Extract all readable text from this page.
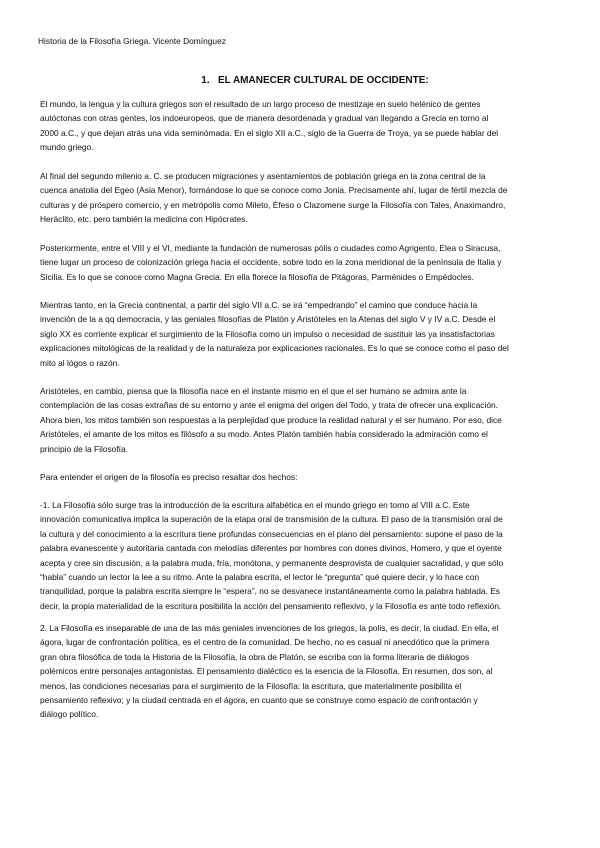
Historia de la Filosofía Griega. Vicente Domínguez
1.   EL AMANECER CULTURAL DE OCCIDENTE:
El mundo, la lengua y la cultura griegos son el resultado de un largo proceso de mestizaje en suelo helénico de gentes
autóctonas con otras gentes, los indoeuropeos, que de manera desordenada y gradual van llegando a Grecia en torno al
2000 a.C., y que dejan atrás una vida seminómada. En el siglo XII a.C., siglo de la Guerra de Troya, ya se puede hablar del
mundo griego.
Al final del segundo milenio a. C. se producen migraciones y asentamientos de población griega en la zona central de la
cuenca anatolia del Egeo (Asia Menor), formándose lo que se conoce como Jonia. Precisamente ahí, lugar de fértil mezcla de
culturas y de próspero comercio, y en metrópolis como Mileto, Éfeso o Clazomene surge la Filosofía con Tales, Anaximandro,
Heráclito, etc. pero también la medicina con Hipócrates.
Posteriormente, entre el VIII y el VI, mediante la fundación de numerosas pólis o ciudades como Agrigento, Elea o Siracusa,
tiene lugar un proceso de colonización griega hacia el occidente, sobre todo en la zona meridional de la península de Italia y
Sicilia. Es lo que se conoce como Magna Grecia. En ella florece la filosofía de Pitágoras, Parménides o Empédocles.
Mientras tanto, en la Grecia continental, a partir del siglo VII a.C. se irá “empedrando” el camino que conduce hacia la
invención de la a qq democracia, y las geniales filosofías de Platón y Aristóteles en la Atenas del siglo V y IV a.C. Desde el
siglo XX es corriente explicar el surgimiento de la Filosofía como un impulso o necesidad de sustituir las ya insatisfactorias
explicaciones mitológicas de la realidad y de la naturaleza por explicaciones racionales. Es lo que se conoce como el paso del
mito al lógos o razón.
Aristóteles, en cambio, piensa que la filosofía nace en el instante mismo en el que el ser humano se admira ante la
contemplación de las cosas extrañas de su entorno y ante el enigma del origen del Todo, y trata de ofrecer una explicación.
Ahora bien, los mitos también son respuestas a la perplejidad que produce la realidad natural y el ser humano. Por eso, dice
Aristóteles, el amante de los mitos es filósofo a su modo. Antes Platón también había considerado la admiración como el
principio de la Filosofía.
Para entender el origen de la filosofía es preciso resaltar dos hechos:
-1. La Filosofía sólo surge tras la introducción de la escritura alfabética en el mundo griego en torno al VIII a.C. Este
innovación comunicativa implica la superación de la etapa oral de transmisión de la cultura. El paso de la transmisión oral de
la cultura y del conocimiento a la escritura tiene profundas consecuencias en el plano del pensamiento: supone el paso de la
palabra evanescente y autoritaria cantada con melodías diferentes por hombres con dones divinos, Homero, y que el oyente
acepta y cree sin discusión, a la palabra muda, fría, monótona, y permanente desprovista de cualquier sacralidad, y que sólo
“habla” cuando un lector la lee a su ritmo. Ante la palabra escrita, el lector le “pregunta” qué quiere decir, y lo hace con
tranquilidad, porque la palabra escrita siempre le “espera”, no se desvanece instantáneamente como la palabra hablada. Es
decir, la propia materialidad de la escritura posibilita la acción del pensamiento reflexivo, y la Filosofía es ante todo reflexión.
2. La Filosofía es inseparable de una de las más geniales invenciones de los griegos, la polis, es decir, la ciudad. En ella, el
ágora, lugar de confrontación política, es el centro de la comunidad. De hecho, no es casual ni anecdótico que la primera
gran obra filosófica de toda la Historia de la Filosofía, la obra de Platón, se escriba con la forma literaria de diálogos
polémicos entre personajes antagonistas. El pensamiento dialéctico es la esencia de la Filosofía. En resumen, dos son, al
menos, las condiciones necesarias para el surgimiento de la Filosofía: la escritura, que materialmente posibilita el
pensamiento reflexivo; y la ciudad centrada en el ágora, en cuanto que se construye como espacio de confrontación y
diálogo político.
